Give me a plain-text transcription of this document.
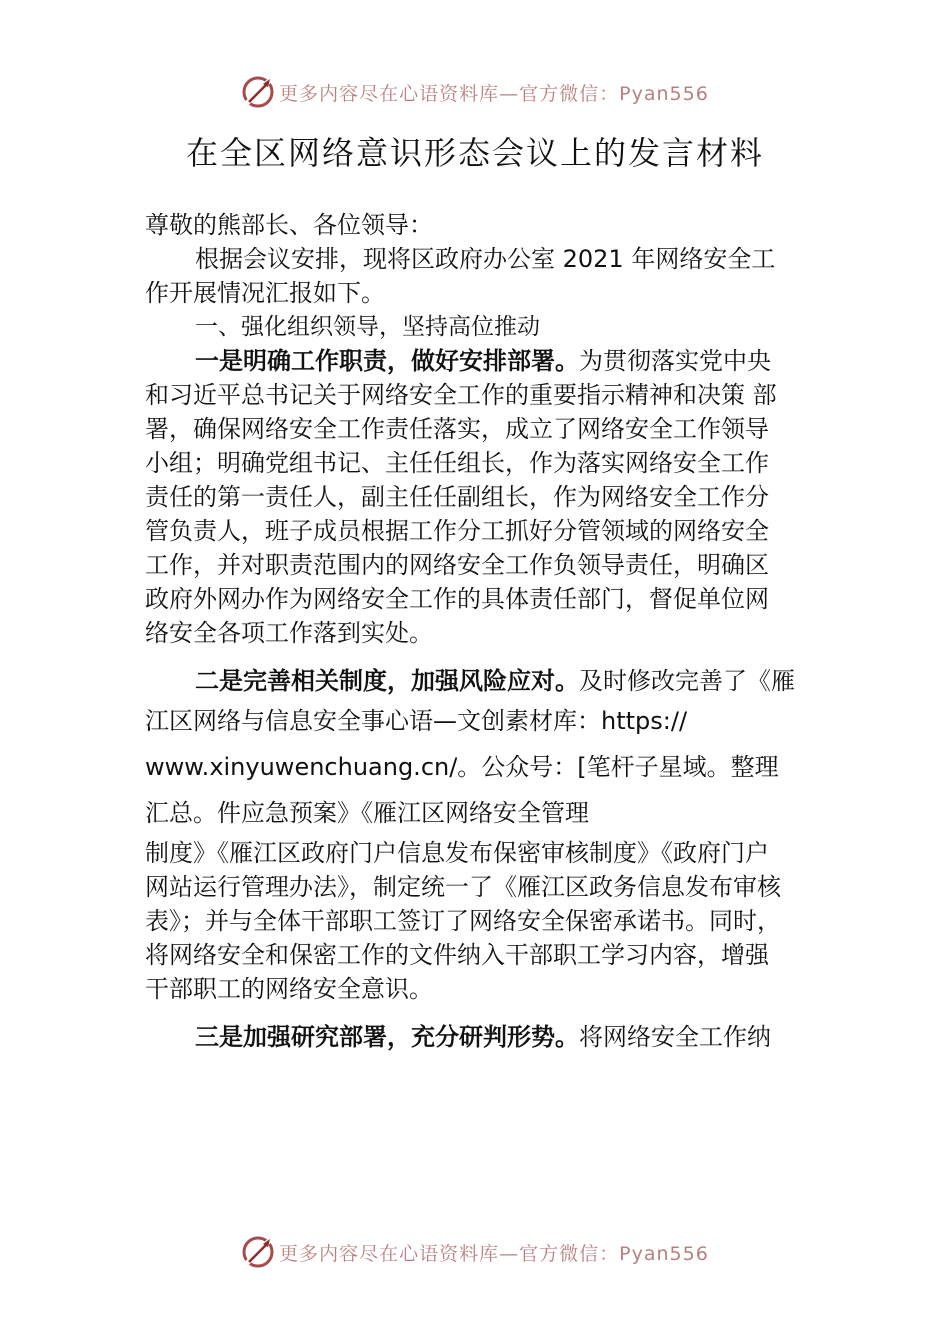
更多内容尽在心语资料库—官方微信：Pyan556
在全区网络意识形态会议上的发言材料

尊敬的熊部长、各位领导：

根据会议安排，现将区政府办公室 2021 年网络安全工

作开展情况汇报如下。

一、强化组织领导，坚持高位推动

一是明确工作职责，做好安排部署。为贯彻落实党中央

和习近平总书记关于网络安全工作的重要指示精神和决策 部

署，确保网络安全工作责任落实，成立了网络安全工作领导

小组；明确党组书记、主任任组长，作为落实网络安全工作

责任的第一责任人，副主任任副组长，作为网络安全工作分

管负责人，班子成员根据工作分工抓好分管领域的网络安全

工作，并对职责范围内的网络安全工作负领导责任，明确区

政府外网办作为网络安全工作的具体责任部门，督促单位网

络安全各项工作落到实处。

二是完善相关制度，加强风险应对。及时修改完善了《雁

江区网络与信息安全事心语—文创素材库：https://

www.xinyuwenchuang.cn/。公众号：[笔杆子星域。整理

汇总。件应急预案》《雁江区网络安全管理

制度》《雁江区政府门户信息发布保密审核制度》《政府门户

网站运行管理办法》，制定统一了《雁江区政务信息发布审核

表》；并与全体干部职工签订了网络安全保密承诺书。同时，

将网络安全和保密工作的文件纳入干部职工学习内容，增强

干部职工的网络安全意识。

三是加强研究部署，充分研判形势。将网络安全工作纳

更多内容尽在心语资料库—官方微信：Pyan556
